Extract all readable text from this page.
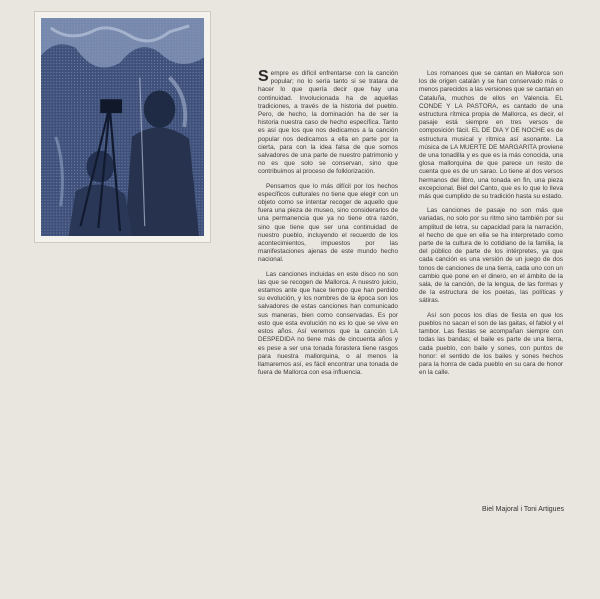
Sempre es difícil enfrentarse con la canción popular; no lo sería tanto si se tratara de hacer lo que quería decir que hay una continuidad. Involucionada ha de aquellas tradiciones, a través de la historia del pueblo. Pero, de hecho, la dominación ha de ser la historia nuestra caso de hecho específica. Tanto es así que los que nos dedicamos a la canción popular nos dedicamos a ella en parte por la cierta, para con la idea falsa de que somos salvadores de una parte de nuestro patrimonio y no es que solo se conservan, sino que contribuimos al proceso de folklorización.

Pensamos que lo más difícil por los hechos específicos culturales no tiene que elegir con un objeto como se intentar recoger de aquello que fuera una pieza de museo, sino considerarlos de una permanencia que ya no tiene otra razón, sino que tiene que ser una continuidad de nuestro pueblo, incluyendo el recuerdo de los acontecimientos, impuestos por las manifestaciones ajenas de este mundo hecho nacional.

Las canciones incluidas en este disco no son las que se recogen de Mallorca. A nuestro juicio, estamos ante que hace tiempo que han perdido su evolución, y los nombres de la época son los salvadores de estas canciones han comunicado sus maneras, bien como conservadas. Es por esto que esta evolución no es lo que se vive en estos años. Así veremos que la canción LA DESPEDIDA no tiene más de cincuenta años y es pese a ser una tonada forastera tiene rasgos para nuestra mallorquina, o al menos la llamaremos así, es fácil encontrar una tonada de fuera de Mallorca con esa influencia.

Los romances que se cantan en Mallorca son los de origen catalán y se han conservado más o menos parecidos a las versiones que se cantan en Cataluña, muchos de ellos en Valencia. EL CONDE Y LA PASTORA, es cantado de una estructura rítmica propia de Mallorca, es decir, el pasaje está siempre en tres versos de composición fácil. EL DE DIA Y DE NOCHE es de estructura musical y rítmica así asonante. La música de LA MUERTE DE MARGARITA proviene de una tonadilla y es que es la más conocida, una glosa mallorquina de que parece un resto de cuenta que es de un sarao. Lo tiene al dos versos hermanos del libro, una tonada en fin, una pieza excepcional. Biel del Canto, que es lo que lo lleva más que cumplido de su tradición hasta su estado.

Las canciones de pasaje no son más que variadas, no solo por su ritmo sino también por su amplitud de letra, su capacidad para la narración, el hecho de que en ella se ha interpretado como parte de la cultura de lo cotidiano de la familia, la del público de parte de los intérpretes, ya que cada canción es una versión de un juego de dos tonos de canciones de una tierra, cada uno con un cambio que pone en el dinero, en el ámbito de la sala, de la canción, de la lengua, de las formas y de la estructura de los poetas, las políticas y sátiras.

Así son pocos los días de fiesta en que los pueblos no sacan el son de las gaitas, el fabiol y el tambor. Las fiestas se acompañan siempre con todas las bandas; el baile es parte de una tierra, cada pueblo, con baile y sones, con puntos de honor: el sentido de los bailes y sones hechos para la honra de cada pueblo en su cara de honor en la calle.

Biel Majoral i Toni Artigues
